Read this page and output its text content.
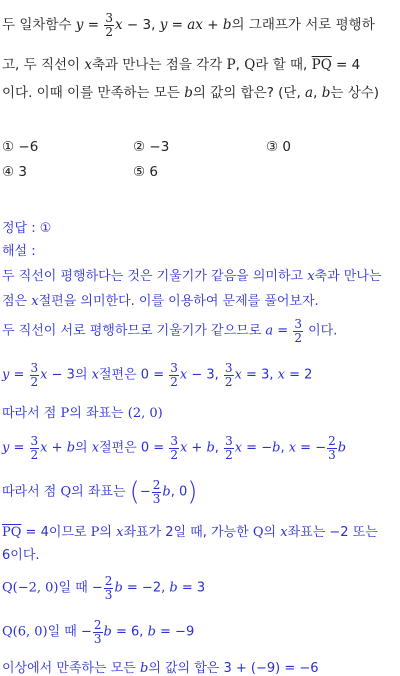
두 일차함수 $y = \frac{3}{2}$ x − 3, y = ax + b의 그래프가 서로 평행하
고, 두 직선이 x축과 만나는 점을 각각 P, Q라 할 때, $\overline{PQ} = 4$
이다. 이때 이를 만족하는 모든 b의 값의 합은? (단, a, b는 상수)
① −6	② −3	③ 0
④ 3	⑤ 6
정답 : ①
해설 :
두 직선이 평행하다는 것은 기울기가 같음을 의미하고 x축과 만나는
점은 x절편을 의미한다. 이를 이용하여 문제를 풀어보자.
두 직선이 서로 평행하므로 기울기가 같으므로 $a = \frac{3}{2}$ 이다.
$y = \frac{3}{2}$ x − 3의 x절편은 $0 = \frac{3}{2}$ x − 3, $\frac{3}{2}$ x = 3, x = 2
따라서 점 P의 좌표는 (2, 0)
$y = \frac{3}{2}$ x + b의 x절편은 $0 = \frac{3}{2}$ x + b, $\frac{3}{2}$ x = −b, x = − $\frac{2}{3}$ b
따라서 점 Q의 좌표는 (− $\frac{2}{3} b$, 0)
$\overline{PQ} = 4$이므로 P의 x좌표가 2일 때, 가능한 Q의 x좌표는 −2 또는
6이다.
Q(−2, 0)일 때 − $\frac{2}{3}$ b = −2, b = 3
Q(6, 0)일 때 − $\frac{2}{3}$ b = 6, b = −9
이상에서 만족하는 모든 b의 값의 합은 3 + (−9) = −6
